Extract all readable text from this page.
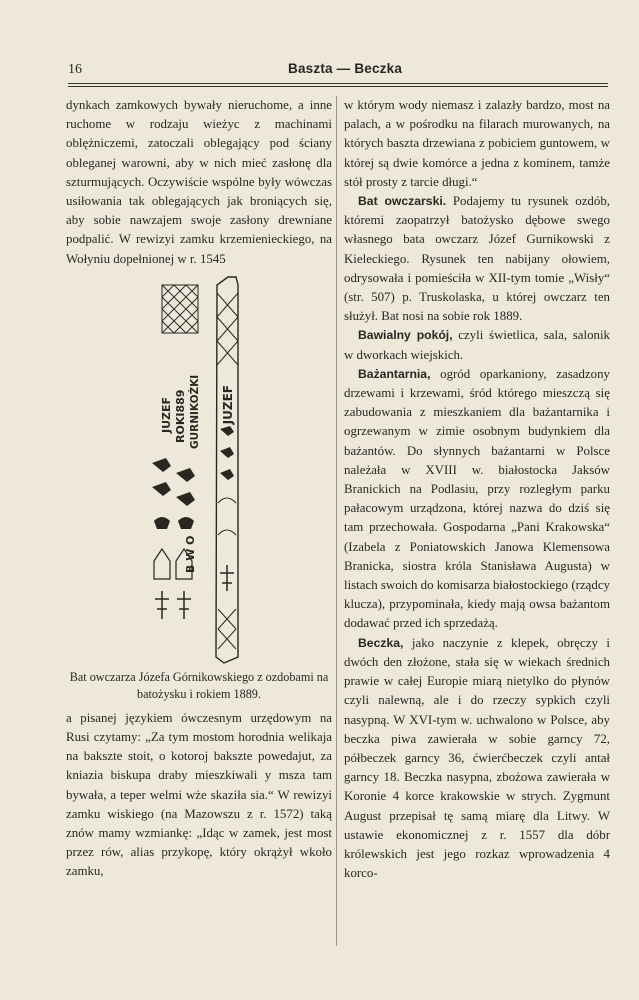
16	Baszta — Beczka

dynkach zamkowych bywały nieruchome, a inne ruchome w rodzaju wieżyc z machinami oblężniczemi, zatoczali oblegający pod ściany obleganej warowni, aby w nich mieć zasłonę dla szturmujących. Oczywiście wspólne były wówczas usiłowania tak oblegających jak broniących się, aby sobie nawzajem swoje zasłony drewniane podpalić. W rewizyi zamku krzemienieckiego, na Wołyniu dopełnionej w r. 1545

JUZEF
JUZEF ROKI889 GURNIKOŻKI
B W O

Bat owczarza Józefa Górnikowskiego z ozdobami na batożysku i rokiem 1889.

a pisanej językiem ówczesnym urzędowym na Rusi czytamy: „Za tym mostom horodnia welikaja na bakszte stoit, o kotoroj bakszte powedajut, za kniazia biskupa draby mieszkiwali y msza tam bywała, a teper welmi wże skaziła sia.“ W rewizyi zamku wiskiego (na Mazowszu z r. 1572) taką znów mamy wzmiankę: „Idąc w zamek, jest most przez rów, alias przykopę, który okrążył wkoło zamku,

w którym wody niemasz i zalazły bardzo, most na palach, a w pośrodku na filarach murowanych, na których baszta drzewiana z pobiciem guntowem, w której są dwie komórce a jedna z kominem, tamże stół prosty z tarcie długi.“

Bat owczarski. Podajemy tu rysunek ozdób, któremi zaopatrzył batożysko dębowe swego własnego bata owczarz Józef Gurnikowski z Kieleckiego. Rysunek ten nabijany ołowiem, odrysowała i pomieściła w XII-tym tomie „Wisły“ (str. 507) p. Truskolaska, u której owczarz ten służył. Bat nosi na sobie rok 1889.

Bawialny pokój, czyli świetlica, sala, salonik w dworkach wiejskich.

Bażantarnia, ogród oparkaniony, zasadzony drzewami i krzewami, śród którego mieszczą się zabudowania z mieszkaniem dla bażantarnika i ogrzewanym w zimie osobnym budynkiem dla bażantów. Do słynnych bażantarni w Polsce należała w XVIII w. białostocka Jaksów Branickich na Podlasiu, przy rozległym parku pałacowym urządzona, której nazwa do dziś się tam przechowała. Gospodarna „Pani Krakowska“ (Izabela z Poniatowskich Janowa Klemensowa Branicka, siostra króla Stanisława Augusta) w listach swoich do komisarza białostockiego (rządcy klucza), przypominała, kiedy mają owsa bażantom dodawać przed ich sprzedażą.

Beczka, jako naczynie z klepek, obręczy i dwóch den złożone, stała się w wiekach średnich prawie w całej Europie miarą nietylko do płynów czyli nalewną, ale i do rzeczy sypkich czyli nasypną. W XVI-tym w. uchwalono w Polsce, aby beczka piwa zawierała w sobie garncy 72, półbeczek garncy 36, ćwierćbeczek czyli antał garncy 18. Beczka nasypna, zbożowa zawierała w Koronie 4 korce krakowskie w strych. Zygmunt August przepisał tę samą miarę dla Litwy. W ustawie ekonomicznej z r. 1557 dla dóbr królewskich jest jego rozkaz wprowadzenia 4 korco-
